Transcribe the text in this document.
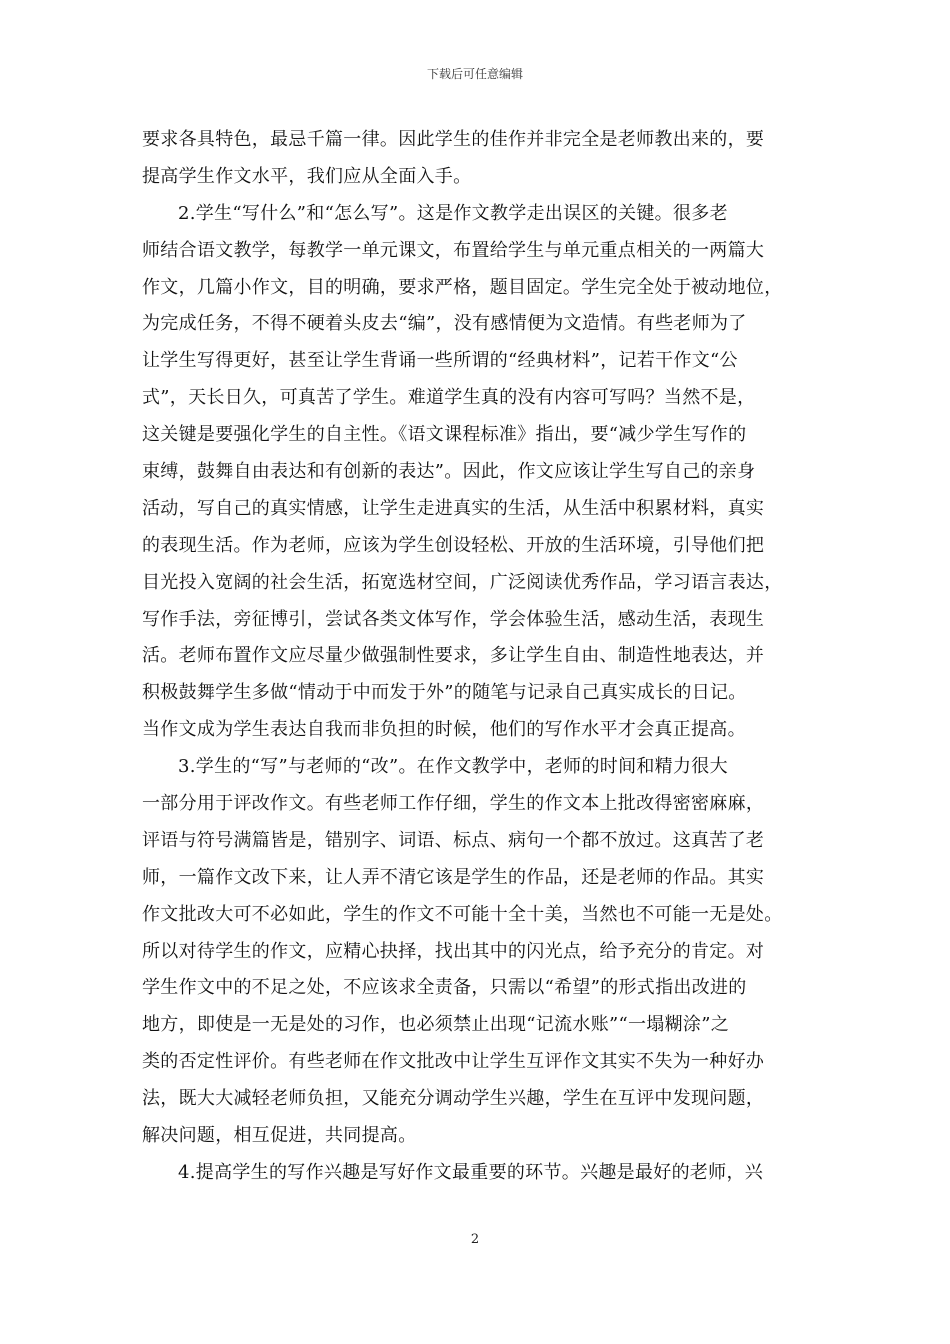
下载后可任意编辑
要求各具特色，最忌千篇一律。因此学生的佳作并非完全是老师教出来的，要
提高学生作文水平，我们应从全面入手。
2.学生“写什么”和“怎么写”。这是作文教学走出误区的关键。很多老
师结合语文教学，每教学一单元课文，布置给学生与单元重点相关的一两篇大
作文，几篇小作文，目的明确，要求严格，题目固定。学生完全处于被动地位，
为完成任务，不得不硬着头皮去“编”，没有感情便为文造情。有些老师为了
让学生写得更好，甚至让学生背诵一些所谓的“经典材料”，记若干作文“公
式”，天长日久，可真苦了学生。难道学生真的没有内容可写吗？当然不是，
这关键是要强化学生的自主性。《语文课程标准》指出，要“减少学生写作的
束缚，鼓舞自由表达和有创新的表达”。因此，作文应该让学生写自己的亲身
活动，写自己的真实情感，让学生走进真实的生活，从生活中积累材料，真实
的表现生活。作为老师，应该为学生创设轻松、开放的生活环境，引导他们把
目光投入宽阔的社会生活，拓宽选材空间，广泛阅读优秀作品，学习语言表达，
写作手法，旁征博引，尝试各类文体写作，学会体验生活，感动生活，表现生
活。老师布置作文应尽量少做强制性要求，多让学生自由、制造性地表达，并
积极鼓舞学生多做“情动于中而发于外”的随笔与记录自己真实成长的日记。
当作文成为学生表达自我而非负担的时候，他们的写作水平才会真正提高。
3.学生的“写”与老师的“改”。在作文教学中，老师的时间和精力很大
一部分用于评改作文。有些老师工作仔细，学生的作文本上批改得密密麻麻，
评语与符号满篇皆是，错别字、词语、标点、病句一个都不放过。这真苦了老
师，一篇作文改下来，让人弄不清它该是学生的作品，还是老师的作品。其实
作文批改大可不必如此，学生的作文不可能十全十美，当然也不可能一无是处。
所以对待学生的作文，应精心抉择，找出其中的闪光点，给予充分的肯定。对
学生作文中的不足之处，不应该求全责备，只需以“希望”的形式指出改进的
地方，即使是一无是处的习作，也必须禁止出现“记流水账”“一塌糊涂”之
类的否定性评价。有些老师在作文批改中让学生互评作文其实不失为一种好办
法，既大大减轻老师负担，又能充分调动学生兴趣，学生在互评中发现问题，
解决问题，相互促进，共同提高。
4.提高学生的写作兴趣是写好作文最重要的环节。兴趣是最好的老师，兴
2
